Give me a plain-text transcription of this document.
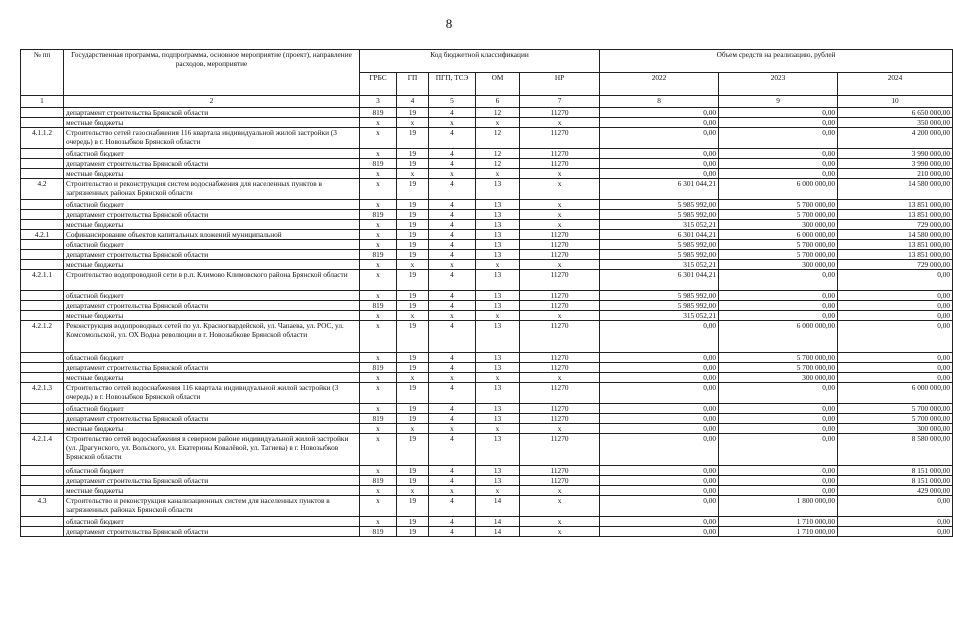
8
№ пп	Государственная программа, подпрограмма, основное мероприятие (проект), направление расходов, мероприятие	Код бюджетной классификации					Объем средств на реализацию, рублей		
		ГРБС	ГП	ПГП, ТСЭ	ОМ	НР	2022	2023	2024
1	2	3	4	5	6	7	8	9	10
	департамент строительства Брянской области	819	19	4	12	11270	0,00	0,00	6 650 000,00
	местные бюджеты	x	x	x	x	x	0,00	0,00	350 000,00
4.1.1.2	Строительство сетей газоснабжения 116 квартала индивидуальной жилой застройки (3 очередь) в г. Новозыбков Брянской области	x	19	4	12	11270	0,00	0,00	4 200 000,00
	областной бюджет	x	19	4	12	11270	0,00	0,00	3 990 000,00
	департамент строительства Брянской области	819	19	4	12	11270	0,00	0,00	3 990 000,00
	местные бюджеты	x	x	x	x	x	0,00	0,00	210 000,00
4.2	Строительство и реконструкция систем водоснабжения для населенных пунктов в загрязненных районах Брянской области	x	19	4	13	x	6 301 044,21	6 000 000,00	14 580 000,00
	областной бюджет	x	19	4	13	x	5 985 992,00	5 700 000,00	13 851 000,00
	департамент строительства Брянской области	819	19	4	13	x	5 985 992,00	5 700 000,00	13 851 000,00
	местные бюджеты	x	19	4	13	x	315 052,21	300 000,00	729 000,00
4.2.1	Софинансирование объектов капитальных вложений муниципальной	x	19	4	13	11270	6 301 044,21	6 000 000,00	14 580 000,00
	областной бюджет	x	19	4	13	11270	5 985 992,00	5 700 000,00	13 851 000,00
	департамент строительства Брянской области	819	19	4	13	11270	5 985 992,00	5 700 000,00	13 851 000,00
	местные бюджеты	x	x	x	x	x	315 052,21	300 000,00	729 000,00
4.2.1.1	Строительство водопроводной сети в р.п. Климово Климовского района Брянской области	x	19	4	13	11270	6 301 044,21	0,00	0,00
	областной бюджет	x	19	4	13	11270	5 985 992,00	0,00	0,00
	департамент строительства Брянской области	819	19	4	13	11270	5 985 992,00	0,00	0,00
	местные бюджеты	x	x	x	x	x	315 052,21	0,00	0,00
4.2.1.2	Реконструкция водопроводных сетей по ул. Красногвардейской, ул. Чапаева, ул. РОС, ул. Комсомольской, ул. ОХ Водна революции в г. Новозыбкове Брянской области	x	19	4	13	11270	0,00	6 000 000,00	0,00
	областной бюджет	x	19	4	13	11270	0,00	5 700 000,00	0,00
	департамент строительства Брянской области	819	19	4	13	11270	0,00	5 700 000,00	0,00
	местные бюджеты	x	x	x	x	x	0,00	300 000,00	0,00
4.2.1.3	Строительство сетей водоснабжения 116 квартала индивидуальной жилой застройки (3 очередь) в г. Новозыбков Брянской области	x	19	4	13	11270	0,00	0,00	6 000 000,00
	областной бюджет	x	19	4	13	11270	0,00	0,00	5 700 000,00
	департамент строительства Брянской области	819	19	4	13	11270	0,00	0,00	5 700 000,00
	местные бюджеты	x	x	x	x	x	0,00	0,00	300 000,00
4.2.1.4	Строительство сетей водоснабжения в северном районе индивидуальной жилой застройки (ул. Драгунского, ул. Вольского, ул. Екатерины Ковалёвой, ул. Тагиева) в г. Новозыбков Брянской области	x	19	4	13	11270	0,00	0,00	8 580 000,00
	областной бюджет	x	19	4	13	11270	0,00	0,00	8 151 000,00
	департамент строительства Брянской области	819	19	4	13	11270	0,00	0,00	8 151 000,00
	местные бюджеты	x	x	x	x	x	0,00	0,00	429 000,00
4.3	Строительство и реконструкция канализационных систем для населенных пунктов в загрязненных районах Брянской области	x	19	4	14	x	0,00	1 800 000,00	0,00
	областной бюджет	x	19	4	14	x	0,00	1 710 000,00	0,00
	департамент строительства Брянской области	819	19	4	14	x	0,00	1 710 000,00	0,00
